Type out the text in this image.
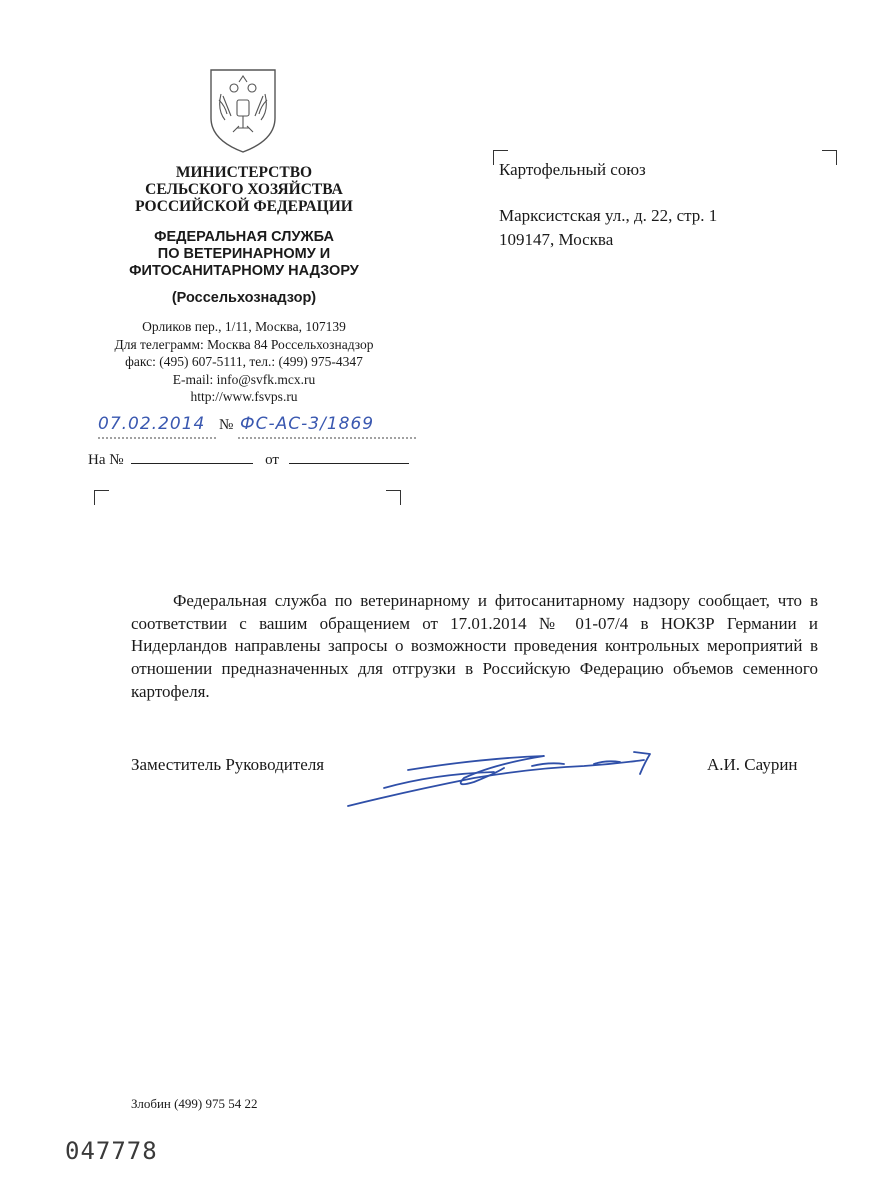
МИНИСТЕРСТВО
СЕЛЬСКОГО ХОЗЯЙСТВА
РОССИЙСКОЙ ФЕДЕРАЦИИ
ФЕДЕРАЛЬНАЯ СЛУЖБА
ПО ВЕТЕРИНАРНОМУ И
ФИТОСАНИТАРНОМУ НАДЗОРУ
(Россельхознадзор)
Орликов пер., 1/11, Москва, 107139
Для телеграмм: Москва 84 Россельхознадзор
факс: (495) 607-5111, тел.: (499) 975-4347
E-mail: info@svfk.mcx.ru
http://www.fsvps.ru
07.02.2014 № ФС-АС-3/1869
На №	от
Картофельный союз
Марксистская ул., д. 22, стр. 1
109147, Москва

Федеральная служба по ветеринарному и фитосанитарному надзору сообщает, что в соответствии с вашим обращением от 17.01.2014 № 01-07/4 в НОКЗР Германии и Нидерландов направлены запросы о возможности проведения контрольных мероприятий в отношении предназначенных для отгрузки в Российскую Федерацию объемов семенного картофеля.

Заместитель Руководителя	А.И. Саурин
Злобин (499) 975 54 22
047778
